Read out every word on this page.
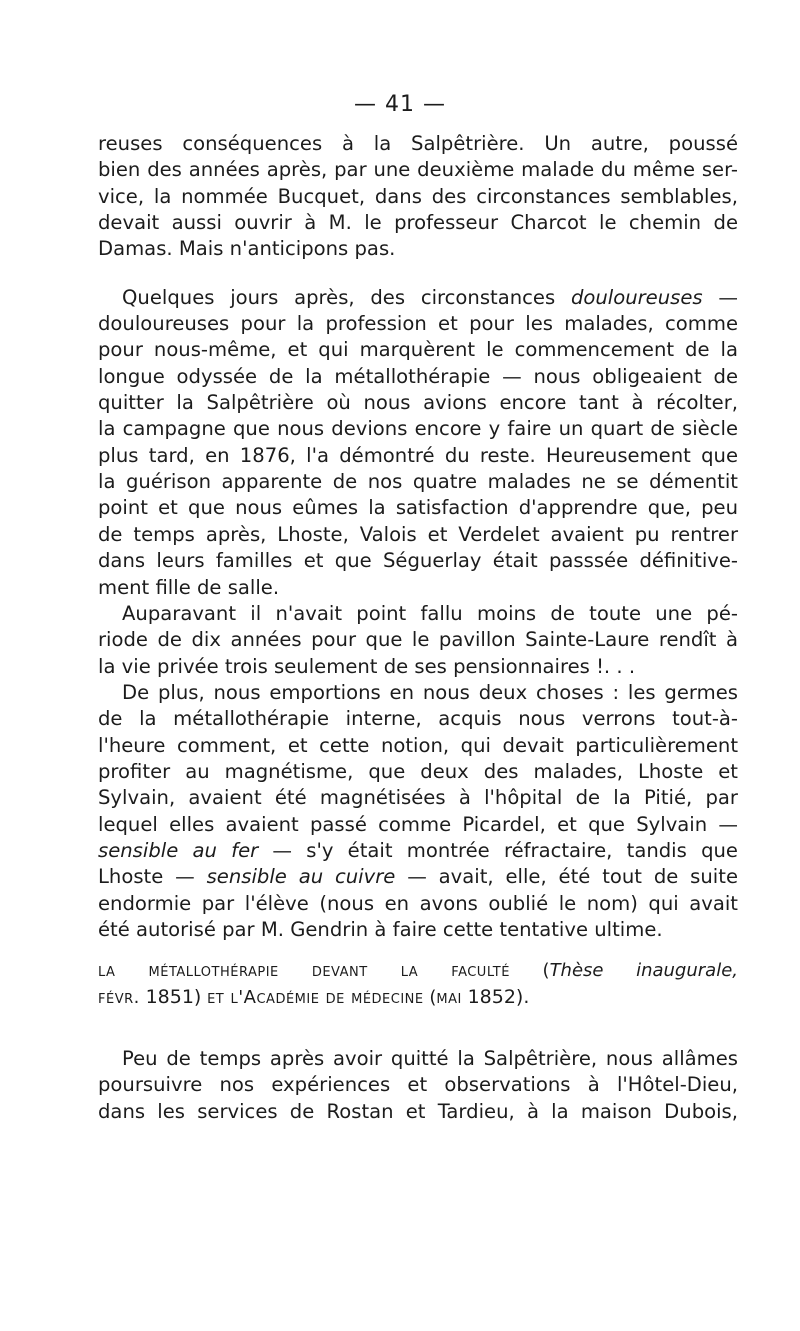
— 41 —
reuses conséquences à la Salpêtrière. Un autre, poussé
bien des années après, par une deuxième malade du même ser-
vice, la nommée Bucquet, dans des circonstances semblables,
devait aussi ouvrir à M. le professeur Charcot le chemin de
Damas. Mais n'anticipons pas.
Quelques jours après, des circonstances douloureuses —
douloureuses pour la profession et pour les malades, comme
pour nous-même, et qui marquèrent le commencement de la
longue odyssée de la métallothérapie — nous obligeaient de
quitter la Salpêtrière où nous avions encore tant à récolter,
la campagne que nous devions encore y faire un quart de siècle
plus tard, en 1876, l'a démontré du reste. Heureusement que
la guérison apparente de nos quatre malades ne se démentit
point et que nous eûmes la satisfaction d'apprendre que, peu
de temps après, Lhoste, Valois et Verdelet avaient pu rentrer
dans leurs familles et que Séguerlay était passsée définitive-
ment fille de salle.
Auparavant il n'avait point fallu moins de toute une pé-
riode de dix années pour que le pavillon Sainte-Laure rendît à
la vie privée trois seulement de ses pensionnaires !. . .
De plus, nous emportions en nous deux choses : les germes
de la métallothérapie interne, acquis nous verrons tout-à-
l'heure comment, et cette notion, qui devait particulièrement
profiter au magnétisme, que deux des malades, Lhoste et
Sylvain, avaient été magnétisées à l'hôpital de la Pitié, par
lequel elles avaient passé comme Picardel, et que Sylvain —
sensible au fer — s'y était montrée réfractaire, tandis que
Lhoste — sensible au cuivre — avait, elle, été tout de suite
endormie par l'élève (nous en avons oublié le nom) qui avait
été autorisé par M. Gendrin à faire cette tentative ultime.
la métallothérapie devant la faculté (Thèse inaugurale,
févr. 1851) et l'Académie de médecine (mai 1852).
Peu de temps après avoir quitté la Salpêtrière, nous allâmes
poursuivre nos expériences et observations à l'Hôtel-Dieu,
dans les services de Rostan et Tardieu, à la maison Dubois,
